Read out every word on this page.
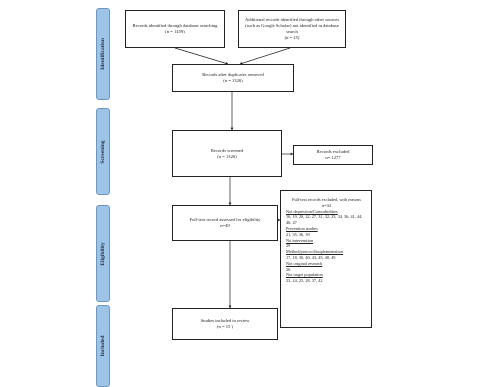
Identification
Screening
Eligibility
Included
Records identified through database searching
(n = 1459)
Additional records identified through other sources (such as Google Scholar) not identified in database search
(n = 25)
Records after duplicates removed
(n = 1326)
Records screened
(n = 1326)
Records excluded
n= 1277
Full-text record assessed for eligibility
n=49
Full-text records excluded, with reasons
n=34
Not depression/Comorbidities
16, 19, 20, 22, 27, 31, 32, 33, 34, 36, 41, 44, 46, 47
Prevention studies
21, 35, 36, 39
No intervention
29
Method/protocol/implementation
17, 18, 30, 40, 43, 45, 48, 49
Not original research
26
Not target population
23, 24, 25, 28, 37, 42
Studies included in review
(n = 15 )
